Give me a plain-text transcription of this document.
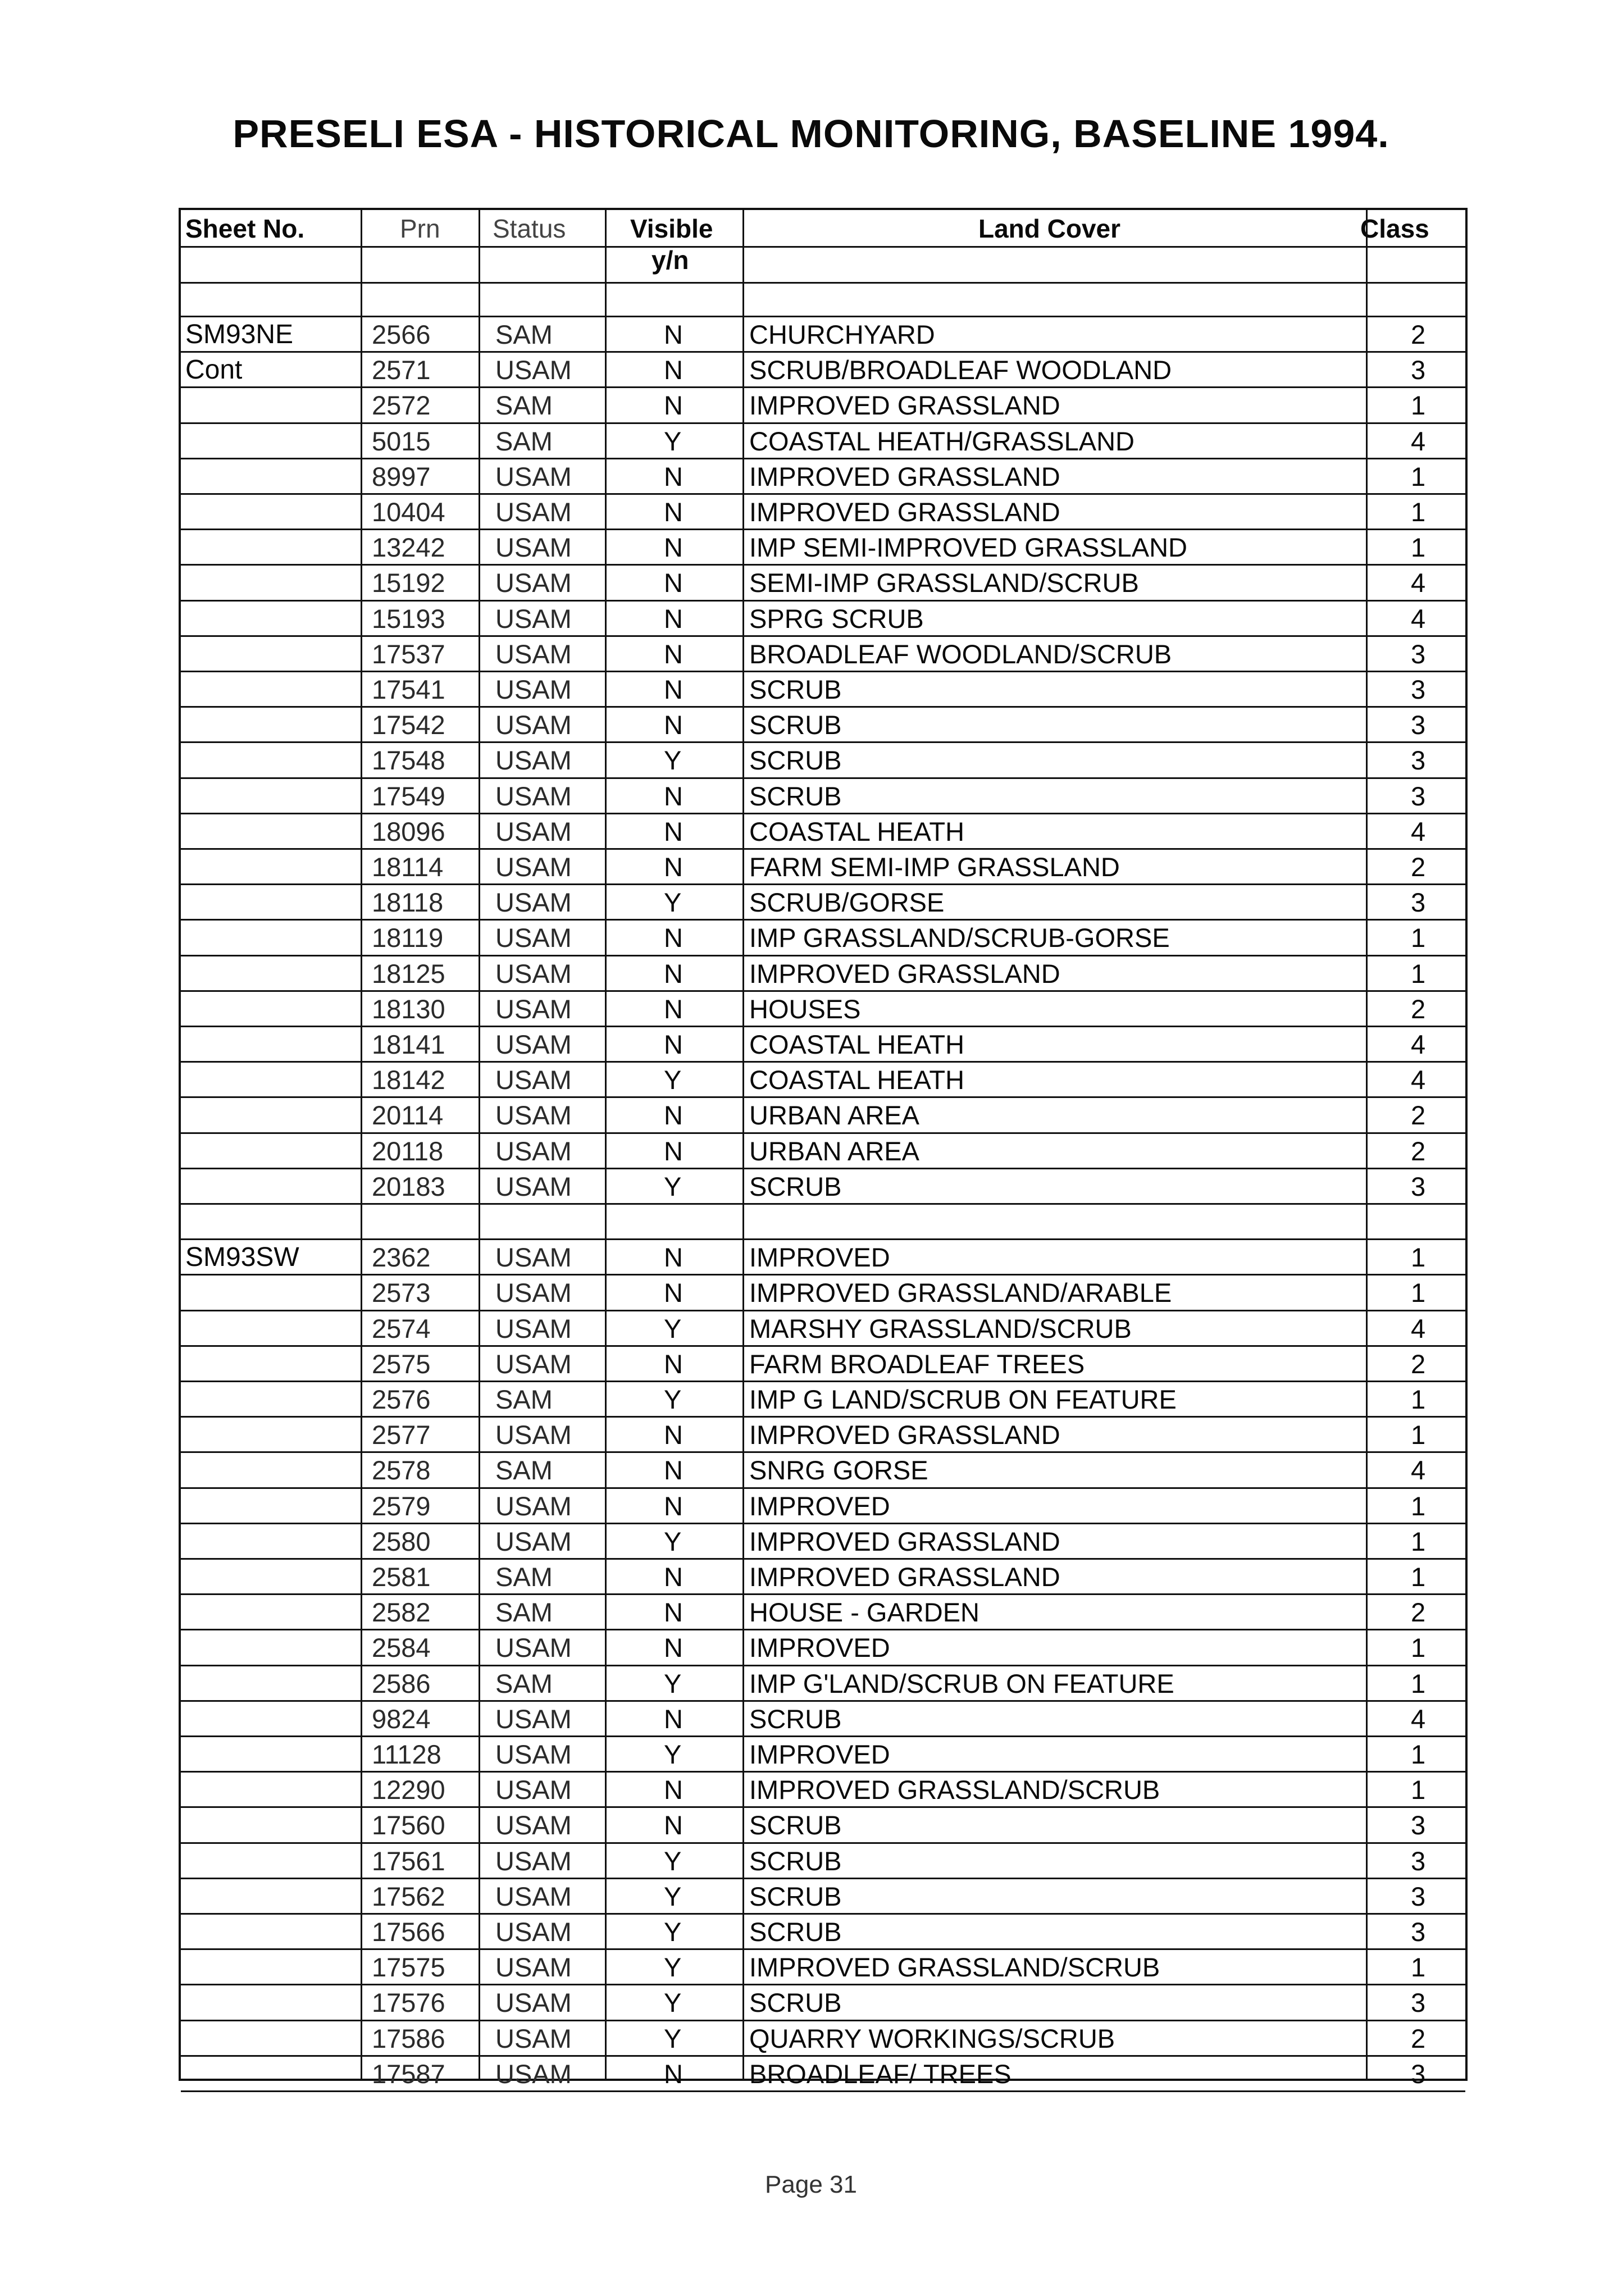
PRESELI ESA - HISTORICAL MONITORING, BASELINE 1994.
Sheet No.	Prn Status Visible
y/n
Land Cover	Class
SM93NE	2566 SAM	N	CHURCHYARD	2
Cont	2571 USAM	N	SCRUB/BROADLEAF WOODLAND	3
2572 SAM	N	IMPROVED GRASSLAND	1
5015 SAM	Y	COASTAL HEATH/GRASSLAND	4
8997 USAM	N	IMPROVED GRASSLAND	1
10404 USAM	N	IMPROVED GRASSLAND	1
13242 USAM	N	IMP SEMI-IMPROVED GRASSLAND	1
15192 USAM	N	SEMI-IMP GRASSLAND/SCRUB	4
15193 USAM	N	SPRG SCRUB	4
17537 USAM	N	BROADLEAF WOODLAND/SCRUB	3
17541 USAM	N	SCRUB	3
17542 USAM	N	SCRUB	3
17548 USAM	Y	SCRUB	3
17549 USAM	N	SCRUB	3
18096 USAM	N	COASTAL HEATH	4
18114 USAM	N	FARM SEMI-IMP GRASSLAND	2
18118 USAM	Y	SCRUB/GORSE	3
18119 USAM	N	IMP GRASSLAND/SCRUB-GORSE	1
18125 USAM	N	IMPROVED GRASSLAND	1
18130 USAM	N	HOUSES	2
18141 USAM	N	COASTAL HEATH	4
18142 USAM	Y	COASTAL HEATH	4
20114 USAM	N	URBAN AREA	2
20118 USAM	N	URBAN AREA	2
20183 USAM	Y	SCRUB	3
SM93SW	2362 USAM	N	IMPROVED	1
2573 USAM	N	IMPROVED GRASSLAND/ARABLE	1
2574 USAM	Y	MARSHY GRASSLAND/SCRUB	4
2575 USAM	N	FARM BROADLEAF TREES	2
2576 SAM	Y	IMP G LAND/SCRUB ON FEATURE	1
2577 USAM	N	IMPROVED GRASSLAND	1
2578 SAM	N	SNRG GORSE	4
2579 USAM	N	IMPROVED	1
2580 USAM	Y	IMPROVED GRASSLAND	1
2581 SAM	N	IMPROVED GRASSLAND	1
2582 SAM	N	HOUSE - GARDEN	2
2584 USAM	N	IMPROVED	1
2586 SAM	Y	IMP G'LAND/SCRUB ON FEATURE	1
9824 USAM	N	SCRUB	4
11128 USAM	Y	IMPROVED	1
12290 USAM	N	IMPROVED GRASSLAND/SCRUB	1
17560 USAM	N	SCRUB	3
17561 USAM	Y	SCRUB	3
17562 USAM	Y	SCRUB	3
17566 USAM	Y	SCRUB	3
17575 USAM	Y	IMPROVED GRASSLAND/SCRUB	1
17576 USAM	Y	SCRUB	3
17586 USAM	Y	QUARRY WORKINGS/SCRUB	2
17587 USAM	N	BROADLEAF/ TREES	3
Page 31
